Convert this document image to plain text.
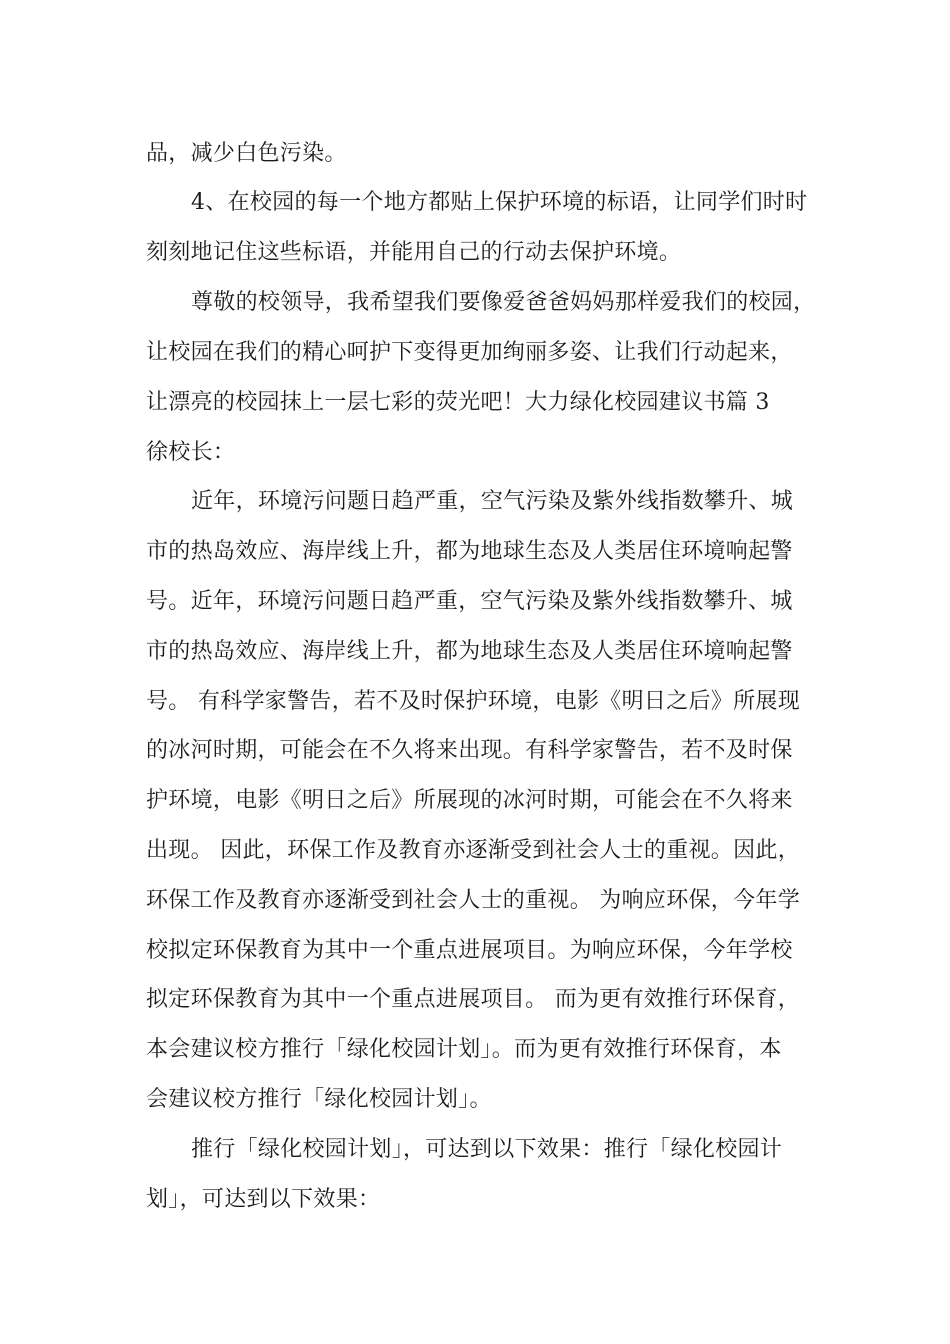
品，减少白色污染。
4、在校园的每一个地方都贴上保护环境的标语，让同学们时时
刻刻地记住这些标语，并能用自己的行动去保护环境。
尊敬的校领导，我希望我们要像爱爸爸妈妈那样爱我们的校园，
让校园在我们的精心呵护下变得更加绚丽多姿、让我们行动起来，
让漂亮的校园抹上一层七彩的荧光吧！大力绿化校园建议书篇 3
徐校长：
近年，环境污问题日趋严重，空气污染及紫外线指数攀升、城
市的热岛效应、海岸线上升，都为地球生态及人类居住环境响起警
号。近年，环境污问题日趋严重，空气污染及紫外线指数攀升、城
市的热岛效应、海岸线上升，都为地球生态及人类居住环境响起警
号。 有科学家警告，若不及时保护环境，电影《明日之后》所展现
的冰河时期，可能会在不久将来出现。有科学家警告，若不及时保
护环境，电影《明日之后》所展现的冰河时期，可能会在不久将来
出现。 因此，环保工作及教育亦逐渐受到社会人士的重视。因此，
环保工作及教育亦逐渐受到社会人士的重视。 为响应环保，今年学
校拟定环保教育为其中一个重点进展项目。为响应环保，今年学校
拟定环保教育为其中一个重点进展项目。 而为更有效推行环保育，
本会建议校方推行「绿化校园计划」。而为更有效推行环保育，本
会建议校方推行「绿化校园计划」。
推行「绿化校园计划」，可达到以下效果：推行「绿化校园计
划」，可达到以下效果：
